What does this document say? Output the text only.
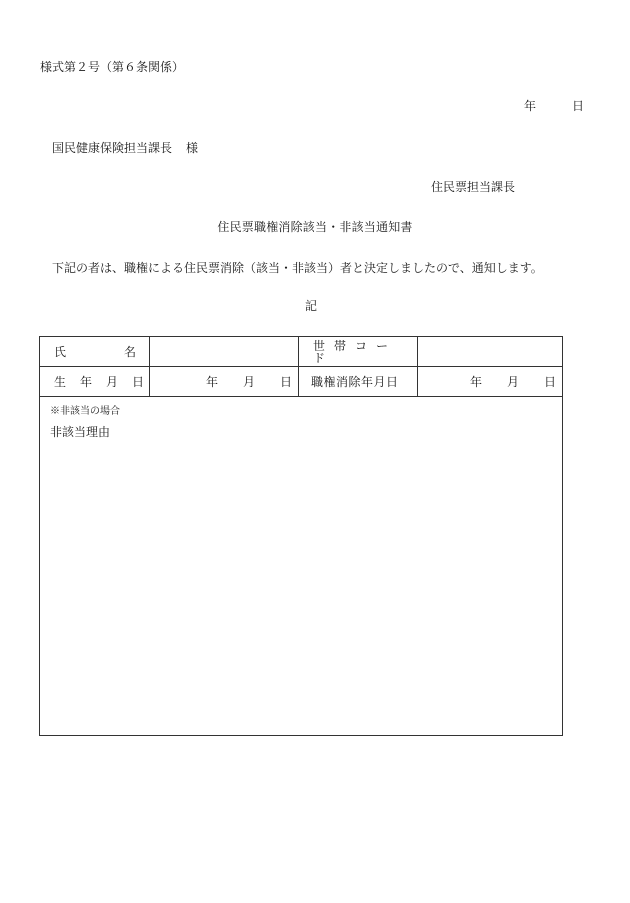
様式第２号（第６条関係）
年	日
国民健康保険担当課長 様
住民票担当課長
住民票職権消除該当・非該当通知書
下記の者は、職権による住民票消除（該当・非該当）者と決定しましたので、通知します。
記
氏 名		世帯コード	
生 年 月 日	年 月 日	職権消除年月日	年 月 日

※非該当の場合
非該当理由			
